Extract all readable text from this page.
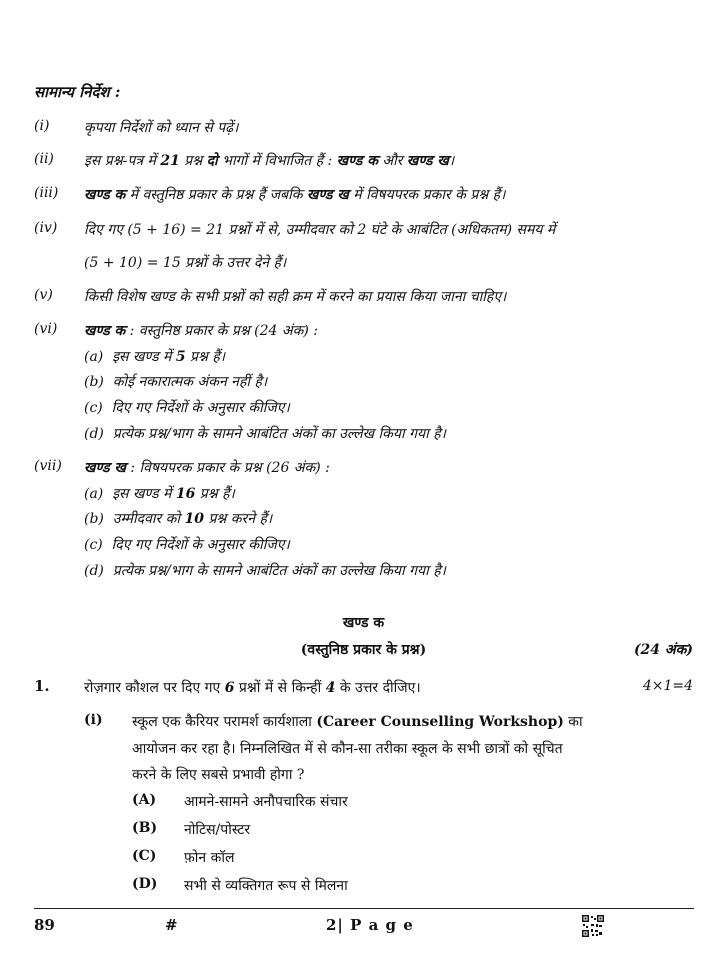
सामान्य निर्देश :
(i) कृपया निर्देशों को ध्यान से पढ़ें।
(ii) इस प्रश्न-पत्र में 21 प्रश्न दो भागों में विभाजित हैं : खण्ड क और खण्ड ख।
(iii) खण्ड क में वस्तुनिष्ठ प्रकार के प्रश्न हैं जबकि खण्ड ख में विषयपरक प्रकार के प्रश्न हैं।
(iv) दिए गए (5 + 16) = 21 प्रश्नों में से, उम्मीदवार को 2 घंटे के आबंटित (अधिकतम) समय में
(5 + 10) = 15 प्रश्नों के उत्तर देने हैं।
(v) किसी विशेष खण्ड के सभी प्रश्नों को सही क्रम में करने का प्रयास किया जाना चाहिए।
(vi) खण्ड क : वस्तुनिष्ठ प्रकार के प्रश्न (24 अंक) :
(a) इस खण्ड में 5 प्रश्न हैं।
(b) कोई नकारात्मक अंकन नहीं है।
(c) दिए गए निर्देशों के अनुसार कीजिए।
(d) प्रत्येक प्रश्न/भाग के सामने आबंटित अंकों का उल्लेख किया गया है।
(vii) खण्ड ख : विषयपरक प्रकार के प्रश्न (26 अंक) :
(a) इस खण्ड में 16 प्रश्न हैं।
(b) उम्मीदवार को 10 प्रश्न करने हैं।
(c) दिए गए निर्देशों के अनुसार कीजिए।
(d) प्रत्येक प्रश्न/भाग के सामने आबंटित अंकों का उल्लेख किया गया है।
खण्ड क
(वस्तुनिष्ठ प्रकार के प्रश्न)	(24 अंक)
1. रोज़गार कौशल पर दिए गए 6 प्रश्नों में से किन्हीं 4 के उत्तर दीजिए।	4×1=4
(i) स्कूल एक कैरियर परामर्श कार्यशाला (Career Counselling Workshop) का
आयोजन कर रहा है। निम्नलिखित में से कौन-सा तरीका स्कूल के सभी छात्रों को सूचित
करने के लिए सबसे प्रभावी होगा ?
(A) आमने-सामने अनौपचारिक संचार
(B) नोटिस/पोस्टर
(C) फ़ोन कॉल
(D) सभी से व्यक्तिगत रूप से मिलना
89	#	2| P a g e
